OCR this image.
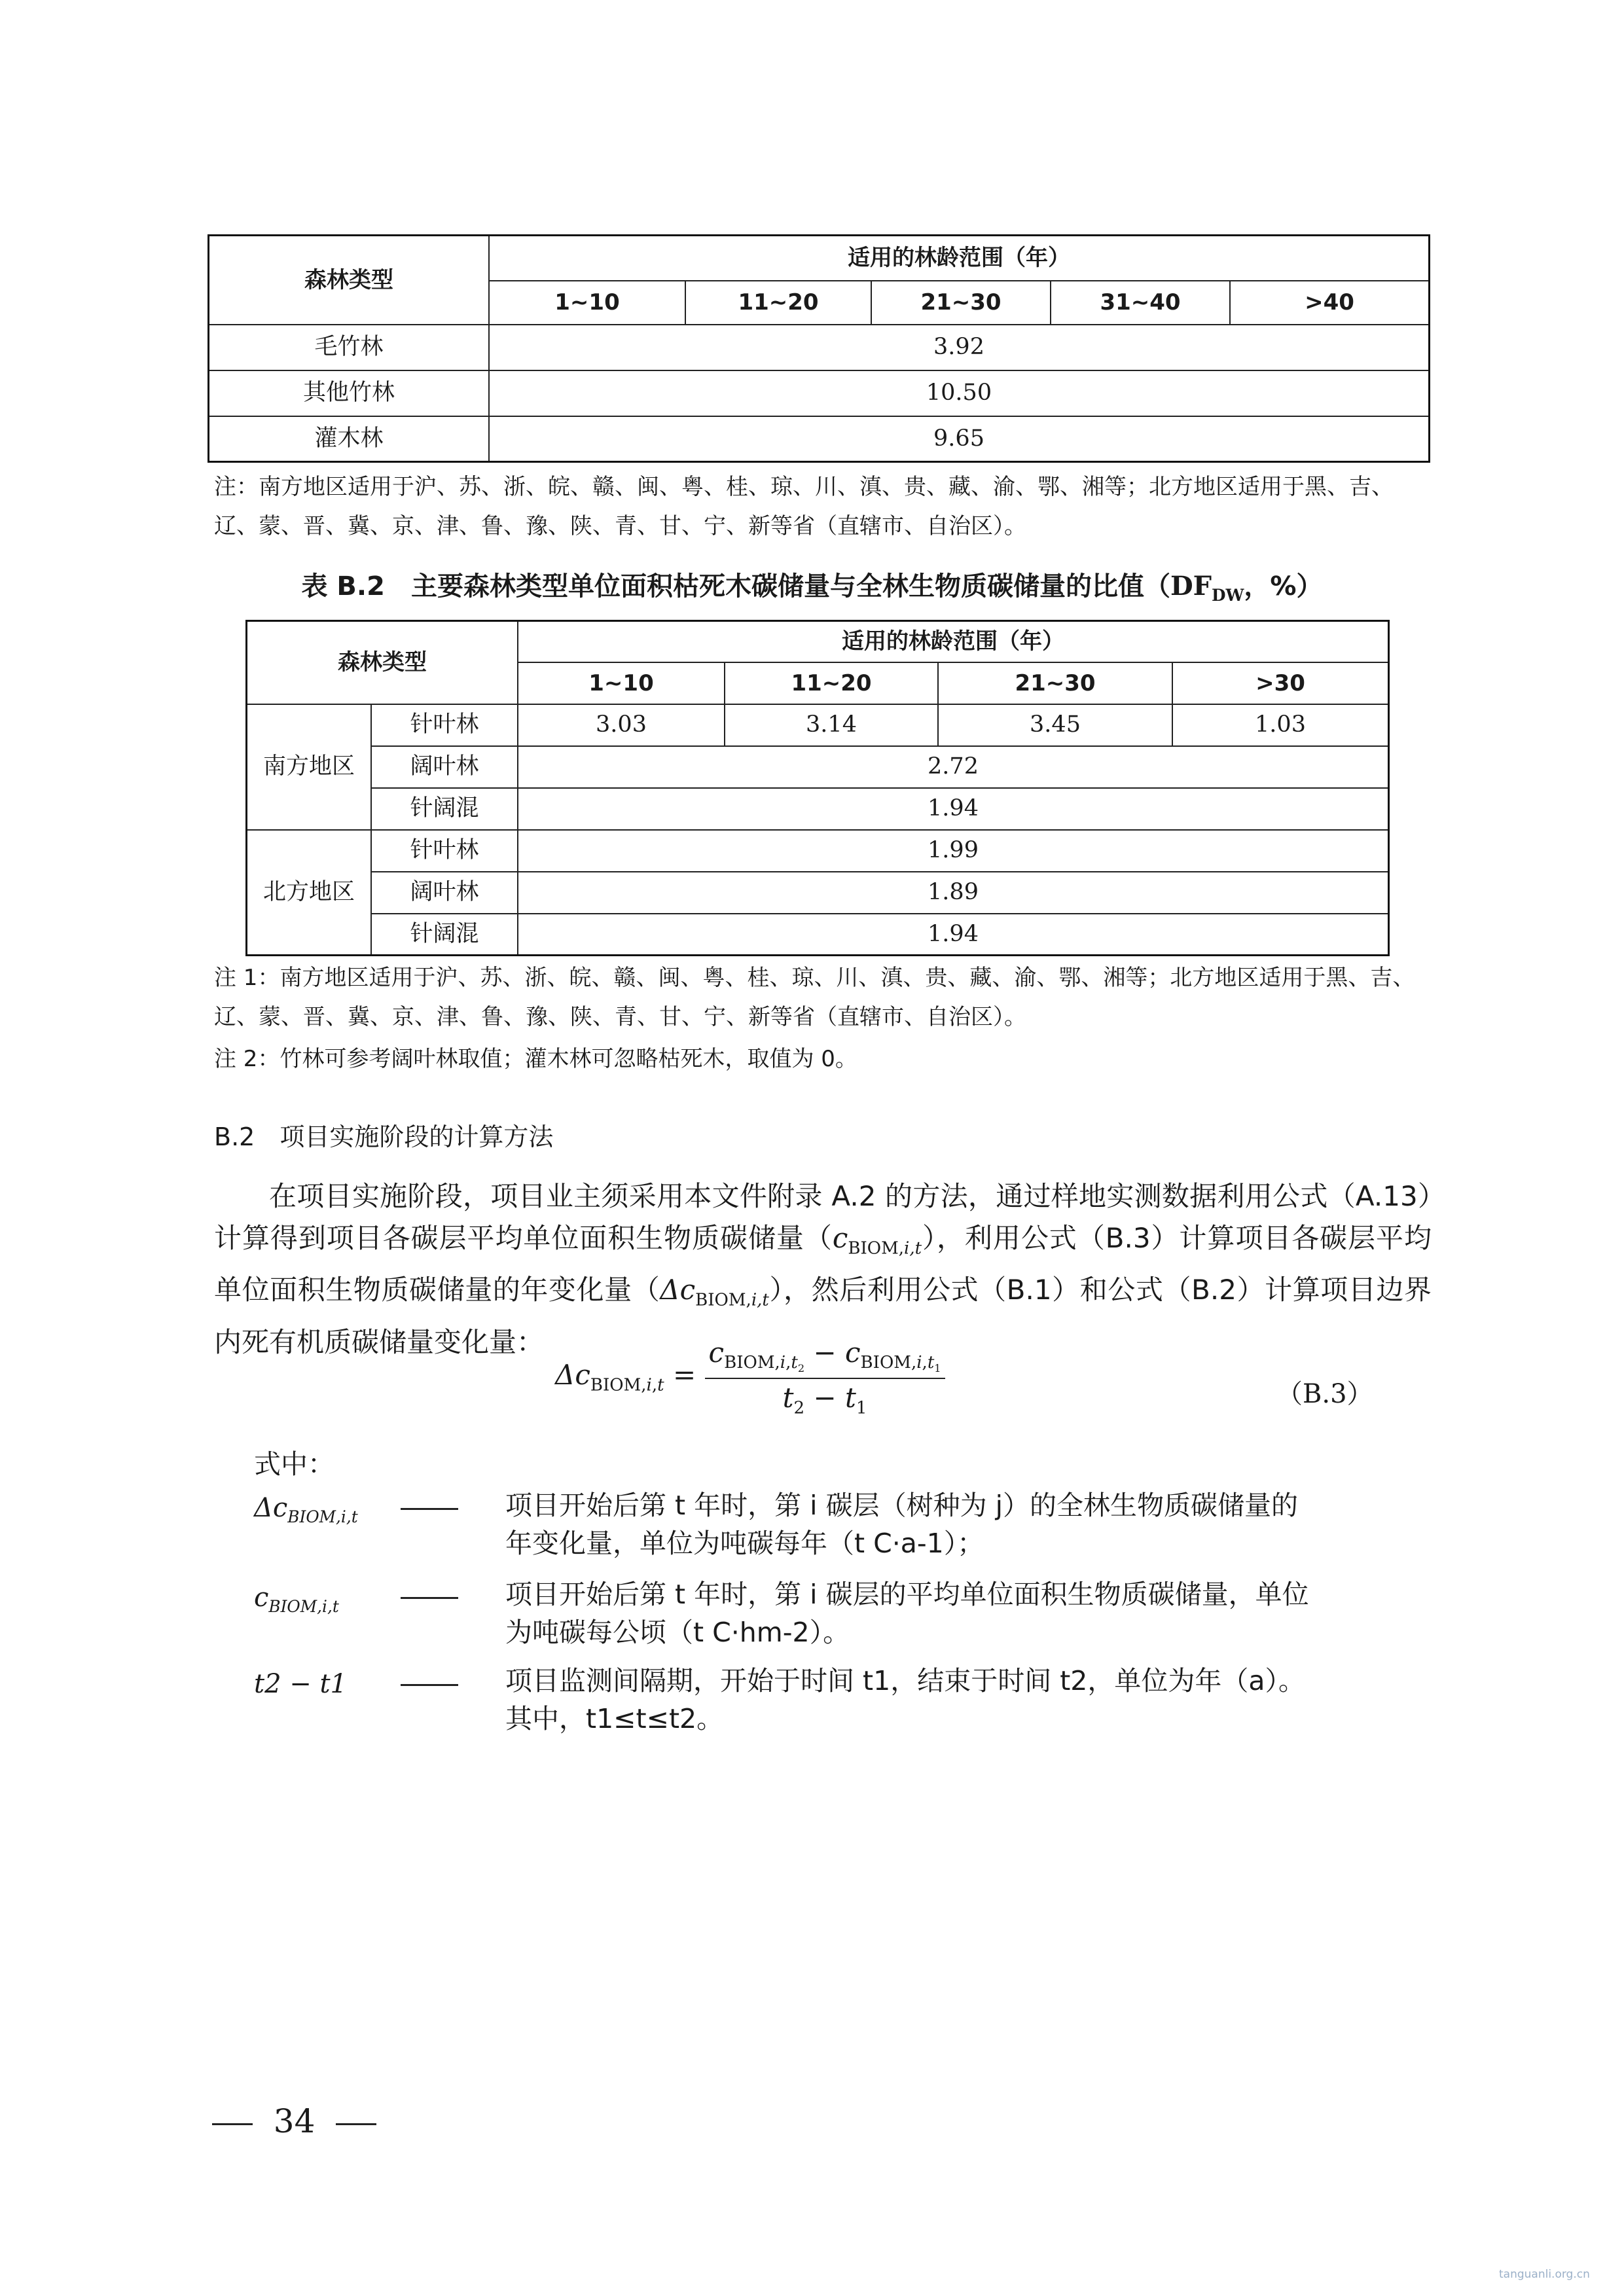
森林类型	适用的林龄范围（年）				
	1~10	11~20	21~30	31~40	>40
毛竹林	3.92				
其他竹林	10.50				
灌木林	9.65				
注：南方地区适用于沪、苏、浙、皖、赣、闽、粤、桂、琼、川、滇、贵、藏、渝、鄂、湘等；北方地区适用于黑、吉、辽、蒙、晋、冀、京、津、鲁、豫、陕、青、甘、宁、新等省（直辖市、自治区）。
表 B.2　主要森林类型单位面积枯死木碳储量与全林生物质碳储量的比值（$DF_{DW}$，%）
森林类型		适用的林龄范围（年）			
		1~10	11~20	21~30	>30
南方地区	针叶林	3.03	3.14	3.45	1.03
	阔叶林	2.72			
	针阔混	1.94			
北方地区	针叶林	1.99			
	阔叶林	1.89			
	针阔混	1.94			
注 1：南方地区适用于沪、苏、浙、皖、赣、闽、粤、桂、琼、川、滇、贵、藏、渝、鄂、湘等；北方地区适用于黑、吉、辽、蒙、晋、冀、京、津、鲁、豫、陕、青、甘、宁、新等省（直辖市、自治区）。
注 2：竹林可参考阔叶林取值；灌木林可忽略枯死木，取值为 0。
B.2　项目实施阶段的计算方法
在项目实施阶段，项目业主须采用本文件附录 A.2 的方法，通过样地实测数据利用公式（A.13）计算得到项目各碳层平均单位面积生物质碳储量$(c_{BIOM,i,t})$，利用公式（B.3）计算项目各碳层平均单位面积生物质碳储量的年变化量$(\Delta c_{BIOM,i,t})$，然后利用公式（B.1）和公式（B.2）计算项目边界内死有机质碳储量变化量：
$\Delta c_{BIOM,i,t} = \frac{c_{BIOM,i,t_2} - c_{BIOM,i,t_1}}{t_2 - t_1}$	（B.3）
式中：
$\Delta c_{BIOM,i,t}$	项目开始后第 t 年时，第 i 碳层（树种为 j）的全林生物质碳储量的
年变化量，单位为吨碳每年（t C·a-1）；
$c_{BIOM,i,t}$	项目开始后第 t 年时，第 i 碳层的平均单位面积生物质碳储量，单位
为吨碳每公顷（t C·hm-2）。
t2 − t1	项目监测间隔期，开始于时间 t1，结束于时间 t2，单位为年（a）。
其中，t1≤t≤t2。
34
tanguanli.org.cn
